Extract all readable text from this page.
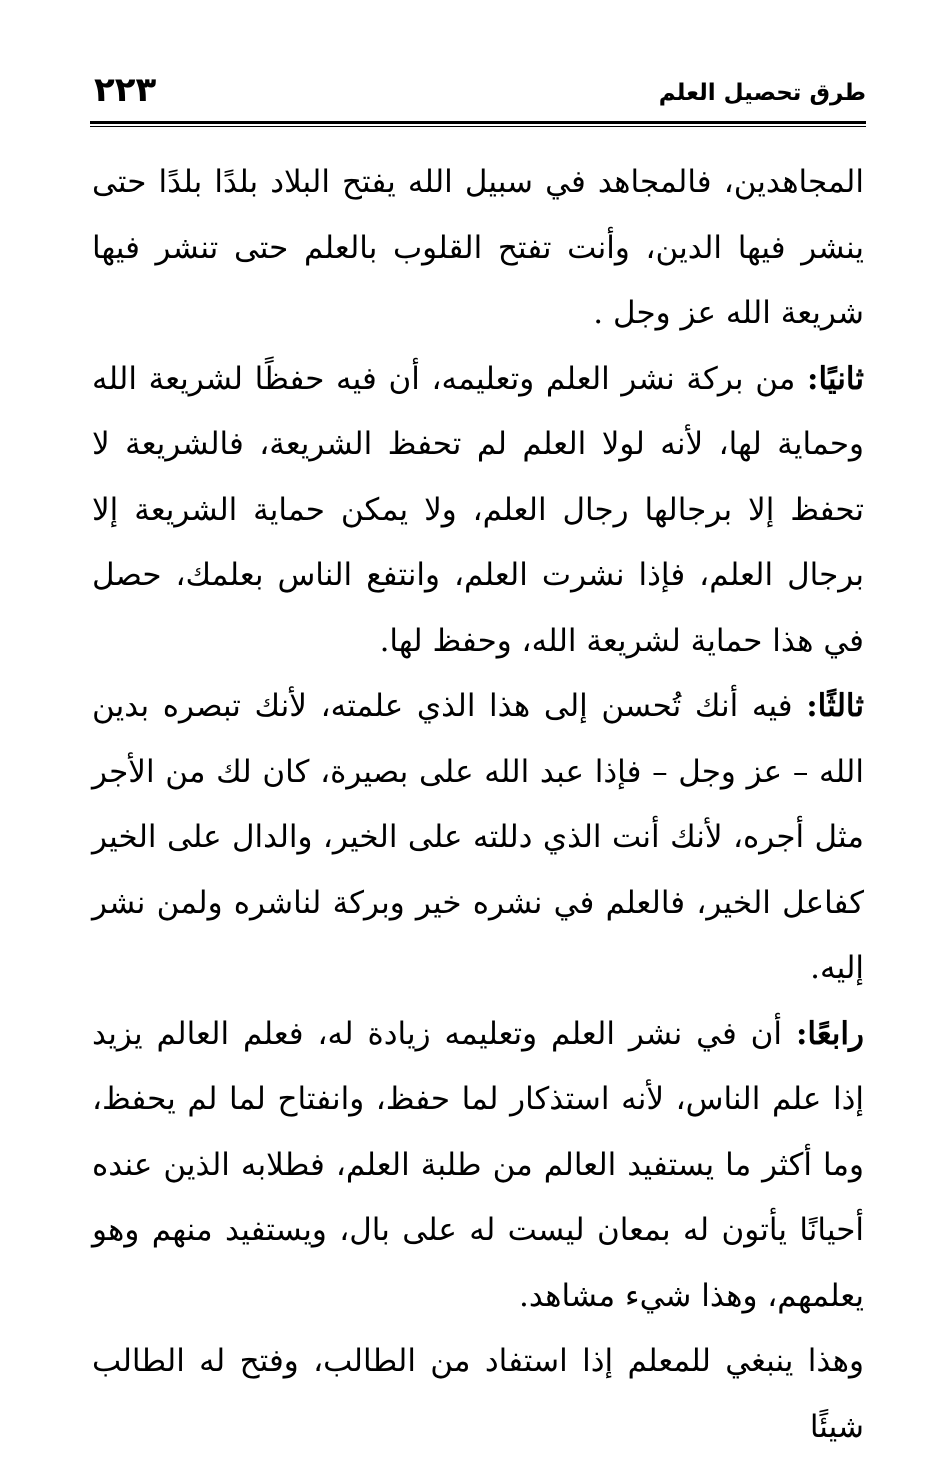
طرق تحصيل العلم
٢٢٣

المجاهدين، فالمجاهد في سبيل الله يفتح البلاد بلدًا بلدًا حتى ينشر فيها الدين، وأنت تفتح القلوب بالعلم حتى تنشر فيها شريعة الله عز وجل .

ثانيًا: من بركة نشر العلم وتعليمه، أن فيه حفظًا لشريعة الله وحماية لها، لأنه لولا العلم لم تحفظ الشريعة، فالشريعة لا تحفظ إلا برجالها رجال العلم، ولا يمكن حماية الشريعة إلا برجال العلم، فإذا نشرت العلم، وانتفع الناس بعلمك، حصل في هذا حماية لشريعة الله، وحفظ لها.

ثالثًا: فيه أنك تُحسن إلى هذا الذي علمته، لأنك تبصره بدين الله – عز وجل – فإذا عبد الله على بصيرة، كان لك من الأجر مثل أجره، لأنك أنت الذي دللته على الخير، والدال على الخير كفاعل الخير، فالعلم في نشره خير وبركة لناشره ولمن نشر إليه.

رابعًا: أن في نشر العلم وتعليمه زيادة له، فعلم العالم يزيد إذا علم الناس، لأنه استذكار لما حفظ، وانفتاح لما لم يحفظ، وما أكثر ما يستفيد العالم من طلبة العلم، فطلابه الذين عنده أحيانًا يأتون له بمعان ليست له على بال، ويستفيد منهم وهو يعلمهم، وهذا شيء مشاهد.

وهذا ينبغي للمعلم إذا استفاد من الطالب، وفتح له الطالب شيئًا
